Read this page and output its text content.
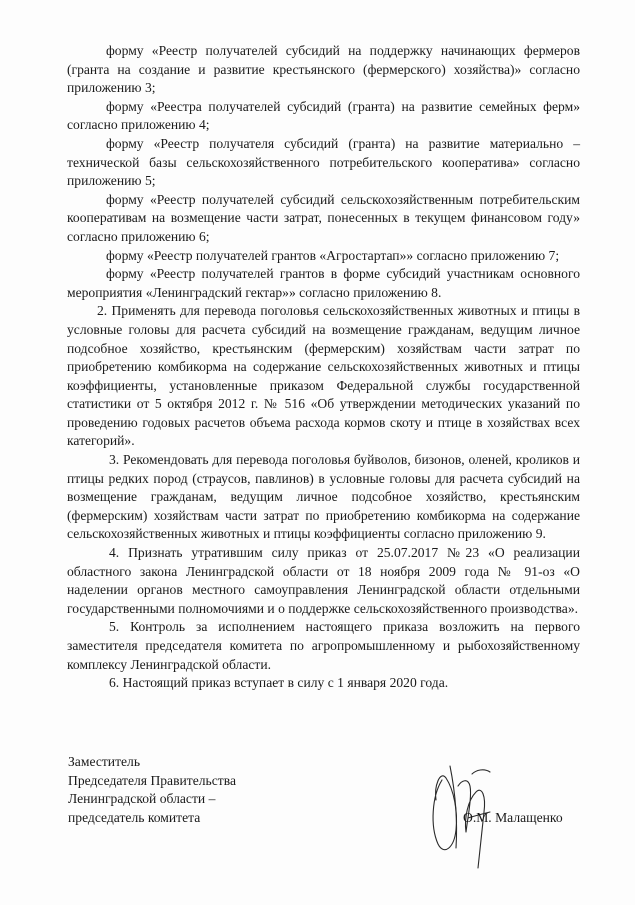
форму «Реестр получателей субсидий на поддержку начинающих фермеров (гранта на создание и развитие крестьянского (фермерского) хозяйства)» согласно приложению 3;

форму «Реестра получателей субсидий (гранта) на развитие семейных ферм» согласно приложению 4;

форму «Реестр получателя субсидий (гранта) на развитие материально – технической базы сельскохозяйственного потребительского кооператива» согласно приложению 5;

форму «Реестр получателей субсидий сельскохозяйственным потребительским кооперативам на возмещение части затрат, понесенных в текущем финансовом году» согласно приложению 6;

форму «Реестр получателей грантов «Агростартап»» согласно приложению 7;

форму «Реестр получателей грантов в форме субсидий участникам основного мероприятия «Ленинградский гектар»» согласно приложению 8.

2. Применять для перевода поголовья сельскохозяйственных животных и птицы в условные головы для расчета субсидий на возмещение гражданам, ведущим личное подсобное хозяйство, крестьянским (фермерским) хозяйствам части затрат по приобретению комбикорма на содержание сельскохозяйственных животных и птицы коэффициенты, установленные приказом Федеральной службы государственной статистики от 5 октября 2012 г. № 516 «Об утверждении методических указаний по проведению годовых расчетов объема расхода кормов скоту и птице в хозяйствах всех категорий».

3. Рекомендовать для перевода поголовья буйволов, бизонов, оленей, кроликов и птицы редких пород (страусов, павлинов) в условные головы для расчета субсидий на возмещение гражданам, ведущим личное подсобное хозяйство, крестьянским (фермерским) хозяйствам части затрат по приобретению комбикорма на содержание сельскохозяйственных животных и птицы коэффициенты согласно приложению 9.

4. Признать утратившим силу приказ от 25.07.2017 №23 «О реализации областного закона Ленинградской области от 18 ноября 2009 года № 91-оз «О наделении органов местного самоуправления Ленинградской области отдельными государственными полномочиями и о поддержке сельскохозяйственного производства».

5. Контроль за исполнением настоящего приказа возложить на первого заместителя председателя комитета по агропромышленному и рыбохозяйственному комплексу Ленинградской области.

6. Настоящий приказ вступает в силу с 1 января 2020 года.

Заместитель
Председателя Правительства
Ленинградской области –
председатель комитета	О.М. Малащенко
